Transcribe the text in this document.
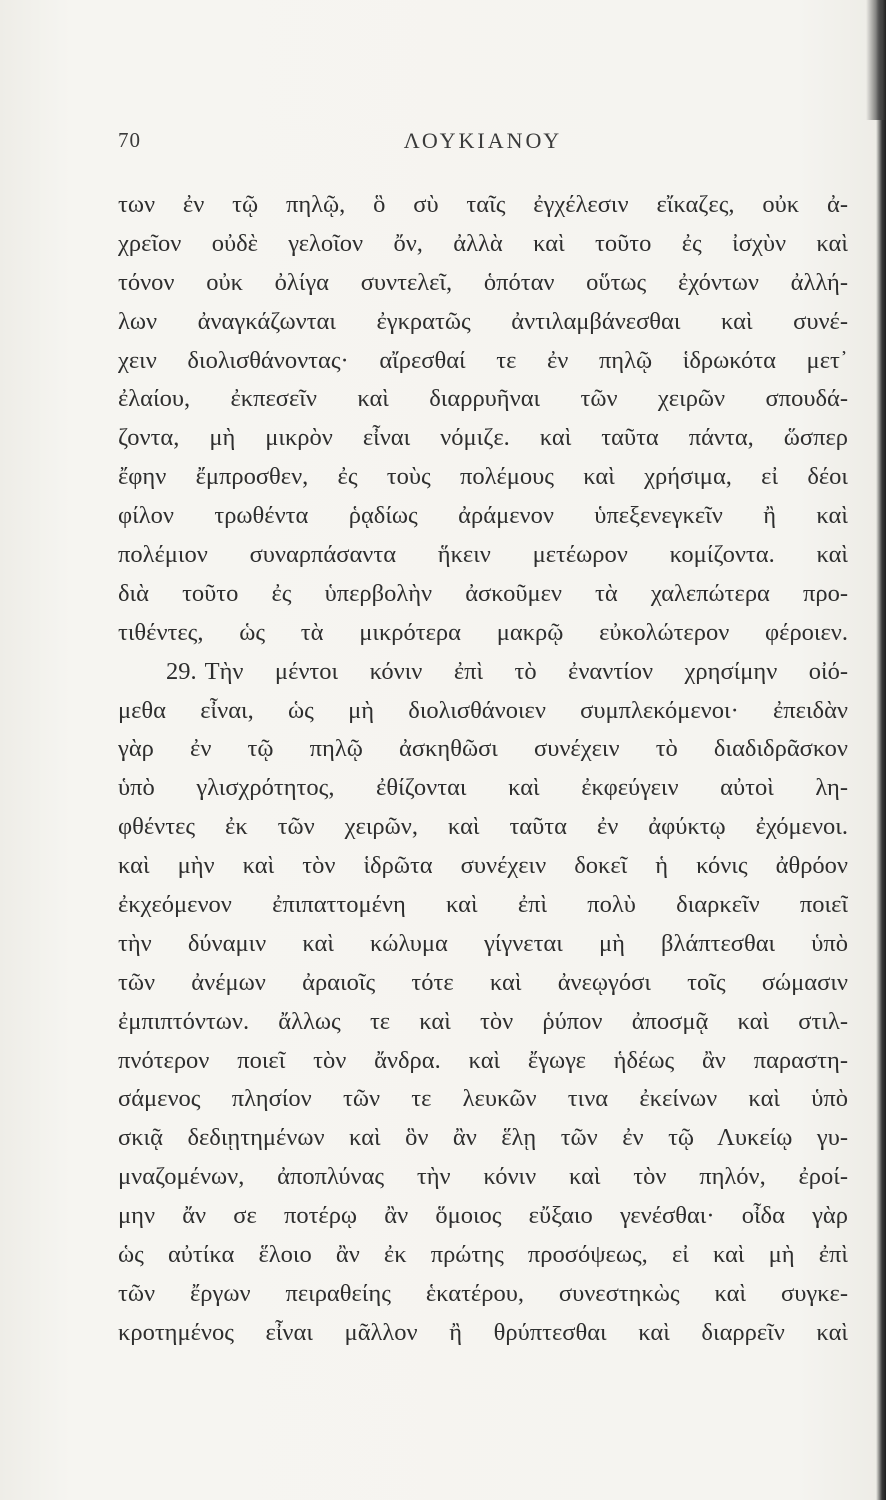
70	ΛΟΥΚΙΑΝΟΥ
των ἐν τῷ πηλῷ, ὃ σὺ ταῖς ἐγχέλεσιν εἴκαζες, οὐκ ἀ-
χρεῖον οὐδὲ γελοῖον ὄν, ἀλλὰ καὶ τοῦτο ἐς ἰσχὺν καὶ
τόνον οὐκ ὀλίγα συντελεῖ, ὁπόταν οὕτως ἐχόντων ἀλλή-
λων ἀναγκάζωνται ἐγκρατῶς ἀντιλαμβάνεσθαι καὶ συνέ-
χειν διολισθάνοντας· αἴρεσθαί τε ἐν πηλῷ ἱδρωκότα μετ᾽
ἐλαίου, ἐκπεσεῖν καὶ διαρρυῆναι τῶν χειρῶν σπουδά-
ζοντα, μὴ μικρὸν εἶναι νόμιζε. καὶ ταῦτα πάντα, ὥσπερ
ἔφην ἔμπροσθεν, ἐς τοὺς πολέμους καὶ χρήσιμα, εἰ δέοι
φίλον τρωθέντα ῥᾳδίως ἀράμενον ὑπεξενεγκεῖν ἢ καὶ
πολέμιον συναρπάσαντα ἥκειν μετέωρον κομίζοντα. καὶ
διὰ τοῦτο ἐς ὑπερβολὴν ἀσκοῦμεν τὰ χαλεπώτερα προ-
τιθέντες, ὡς τὰ μικρότερα μακρῷ εὐκολώτερον φέροιεν.
29. Τὴν μέντοι κόνιν ἐπὶ τὸ ἐναντίον χρησίμην οἰό-
μεθα εἶναι, ὡς μὴ διολισθάνοιεν συμπλεκόμενοι· ἐπειδὰν
γὰρ ἐν τῷ πηλῷ ἀσκηθῶσι συνέχειν τὸ διαδιδρᾶσκον
ὑπὸ γλισχρότητος, ἐθίζονται καὶ ἐκφεύγειν αὐτοὶ λη-
φθέντες ἐκ τῶν χειρῶν, καὶ ταῦτα ἐν ἀφύκτῳ ἐχόμενοι.
καὶ μὴν καὶ τὸν ἱδρῶτα συνέχειν δοκεῖ ἡ κόνις ἀθρόον
ἐκχεόμενον ἐπιπαττομένη καὶ ἐπὶ πολὺ διαρκεῖν ποιεῖ
τὴν δύναμιν καὶ κώλυμα γίγνεται μὴ βλάπτεσθαι ὑπὸ
τῶν ἀνέμων ἀραιοῖς τότε καὶ ἀνεῳγόσι τοῖς σώμασιν
ἐμπιπτόντων. ἄλλως τε καὶ τὸν ῥύπον ἀποσμᾷ καὶ στιλ-
πνότερον ποιεῖ τὸν ἄνδρα. καὶ ἔγωγε ἡδέως ἂν παραστη-
σάμενος πλησίον τῶν τε λευκῶν τινα ἐκείνων καὶ ὑπὸ
σκιᾷ δεδιῃτημένων καὶ ὃν ἂν ἕλῃ τῶν ἐν τῷ Λυκείῳ γυ-
μναζομένων, ἀποπλύνας τὴν κόνιν καὶ τὸν πηλόν, ἐροί-
μην ἄν σε ποτέρῳ ἂν ὅμοιος εὔξαιο γενέσθαι· οἶδα γὰρ
ὡς αὐτίκα ἕλοιο ἂν ἐκ πρώτης προσόψεως, εἰ καὶ μὴ ἐπὶ
τῶν ἔργων πειραθείης ἑκατέρου, συνεστηκὼς καὶ συγκε-
κροτημένος εἶναι μᾶλλον ἢ θρύπτεσθαι καὶ διαρρεῖν καὶ
